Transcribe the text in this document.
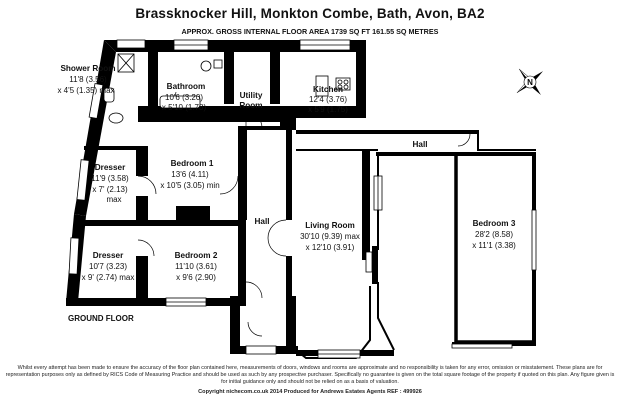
Brassknocker Hill, Monkton Combe, Bath, Avon, BA2
APPROX. GROSS INTERNAL FLOOR AREA 1739 SQ FT 161.55 SQ METRES
Shower Room
11'8 (3.56)
x 4'5 (1.35) max	Bathroom
10'6 (3.20)
x 5'10 (1.78)
Utility
Room
Kitchen
12'4 (3.76)
x 5'9 (1.75)
Hall
Dresser
11'9 (3.58)
x 7' (2.13)
max
Bedroom 1
13'6 (4.11)
x 10'5 (3.05) min
Hall	Living Room
30'10 (9.39) max
x 12'10 (3.91)
Bedroom 3
28'2 (8.58)
x 11'1 (3.38)
Dresser
10'7 (3.23)
x 9' (2.74) max
Bedroom 2
11'10 (3.61)
x 9'6 (2.90)
N
GROUND FLOOR
Whilst every attempt has been made to ensure the accuracy of the floor plan contained here, measurements of doors, windows and rooms are approximate and no responsibility is taken for any error, omission or misstatement. These plans are for representation purposes only as defined by RICS Code of Measuring Practice and should be used as such by any prospective purchaser. Specifically no guarantee is given on the total square footage of the property if quoted on this plan. Any figure given is for initial guidance only and should not be relied on as a basis of valuation.
Copyright nichecom.co.uk 2014 Produced for Andrews Estates Agents REF : 499926
